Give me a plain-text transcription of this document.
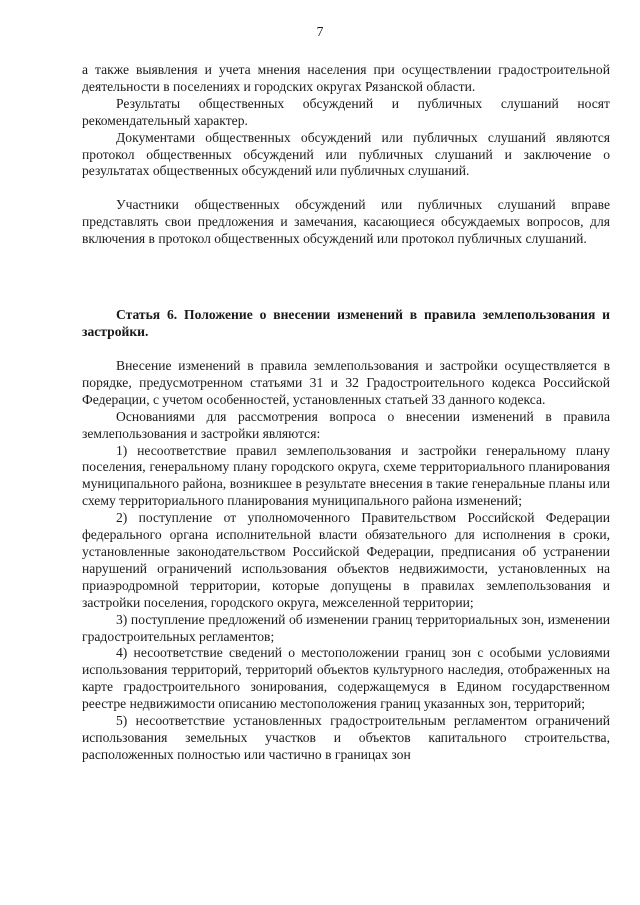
7

а также выявления и учета мнения населения при осуществлении градостроительной деятельности в поселениях и городских округах Рязанской области.

Результаты общественных обсуждений и публичных слушаний носят рекомендательный характер.

Документами общественных обсуждений или публичных слушаний являются протокол общественных обсуждений или публичных слушаний и заключение о результатах общественных обсуждений или публичных слушаний.

Участники общественных обсуждений или публичных слушаний вправе представлять свои предложения и замечания, касающиеся обсуждаемых вопросов, для включения в протокол общественных обсуждений или протокол публичных слушаний.

Статья 6. Положение о внесении изменений в правила землепользования и застройки.

Внесение изменений в правила землепользования и застройки осуществляется в порядке, предусмотренном статьями 31 и 32 Градостроительного кодекса Российской Федерации, с учетом особенностей, установленных статьей 33 данного кодекса.

Основаниями для рассмотрения вопроса о внесении изменений в правила землепользования и застройки являются:

1) несоответствие правил землепользования и застройки генеральному плану поселения, генеральному плану городского округа, схеме территориального планирования муниципального района, возникшее в результате внесения в такие генеральные планы или схему территориального планирования муниципального района изменений;

2) поступление от уполномоченного Правительством Российской Федерации федерального органа исполнительной власти обязательного для исполнения в сроки, установленные законодательством Российской Федерации, предписания об устранении нарушений ограничений использования объектов недвижимости, установленных на приаэродромной территории, которые допущены в правилах землепользования и застройки поселения, городского округа, межселенной территории;

3) поступление предложений об изменении границ территориальных зон, изменении градостроительных регламентов;

4) несоответствие сведений о местоположении границ зон с особыми условиями использования территорий, территорий объектов культурного наследия, отображенных на карте градостроительного зонирования, содержащемуся в Едином государственном реестре недвижимости описанию местоположения границ указанных зон, территорий;

5) несоответствие установленных градостроительным регламентом ограничений использования земельных участков и объектов капитального строительства, расположенных полностью или частично в границах зон
